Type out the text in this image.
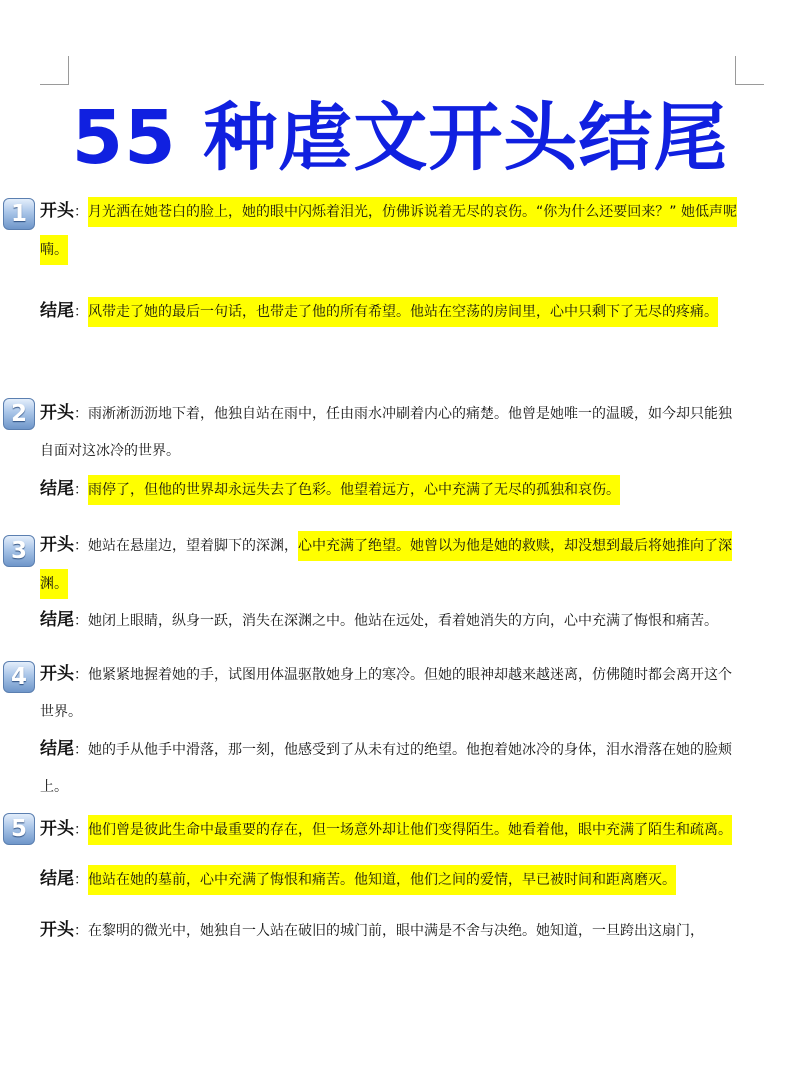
55 种虐文开头结尾
1 开头：月光洒在她苍白的脸上，她的眼中闪烁着泪光，仿佛诉说着无尽的哀伤。“你为什么还要回来？” 她低声呢喃。
结尾：风带走了她的最后一句话，也带走了他的所有希望。他站在空荡的房间里，心中只剩下了无尽的疼痛。
2 开头：雨淅淅沥沥地下着，他独自站在雨中，任由雨水冲刷着内心的痛楚。他曾是她唯一的温暖，如今却只能独自面对这冰冷的世界。
结尾：雨停了，但他的世界却永远失去了色彩。他望着远方，心中充满了无尽的孤独和哀伤。
3 开头：她站在悬崖边，望着脚下的深渊，心中充满了绝望。她曾以为他是她的救赎，却没想到最后将她推向了深渊。
结尾：她闭上眼睛，纵身一跃，消失在深渊之中。他站在远处，看着她消失的方向，心中充满了悔恨和痛苦。
4 开头：他紧紧地握着她的手，试图用体温驱散她身上的寒冷。但她的眼神却越来越迷离，仿佛随时都会离开这个世界。
结尾：她的手从他手中滑落，那一刻，他感受到了从未有过的绝望。他抱着她冰冷的身体，泪水滑落在她的脸颊上。
5 开头：他们曾是彼此生命中最重要的存在，但一场意外却让他们变得陌生。她看着他，眼中充满了陌生和疏离。
结尾：他站在她的墓前，心中充满了悔恨和痛苦。他知道，他们之间的爱情，早已被时间和距离磨灭。
开头：在黎明的微光中，她独自一人站在破旧的城门前，眼中满是不舍与决绝。她知道，一旦跨出这扇门，
